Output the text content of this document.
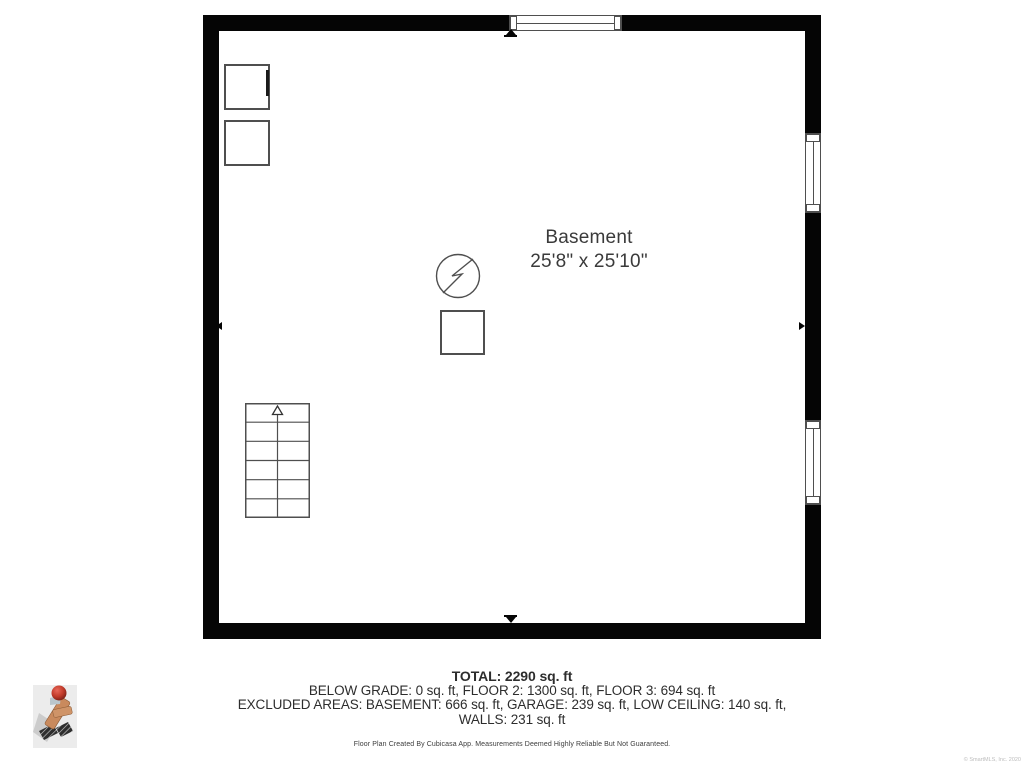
Basement
25'8" x 25'10"
TOTAL: 2290 sq. ft
BELOW GRADE: 0 sq. ft, FLOOR 2: 1300 sq. ft, FLOOR 3: 694 sq. ft
EXCLUDED AREAS: BASEMENT: 666 sq. ft, GARAGE: 239 sq. ft, LOW CEILING: 140 sq. ft,
WALLS: 231 sq. ft
Floor Plan Created By Cubicasa App. Measurements Deemed Highly Reliable But Not Guaranteed.
© SmartMLS, Inc. 2020
